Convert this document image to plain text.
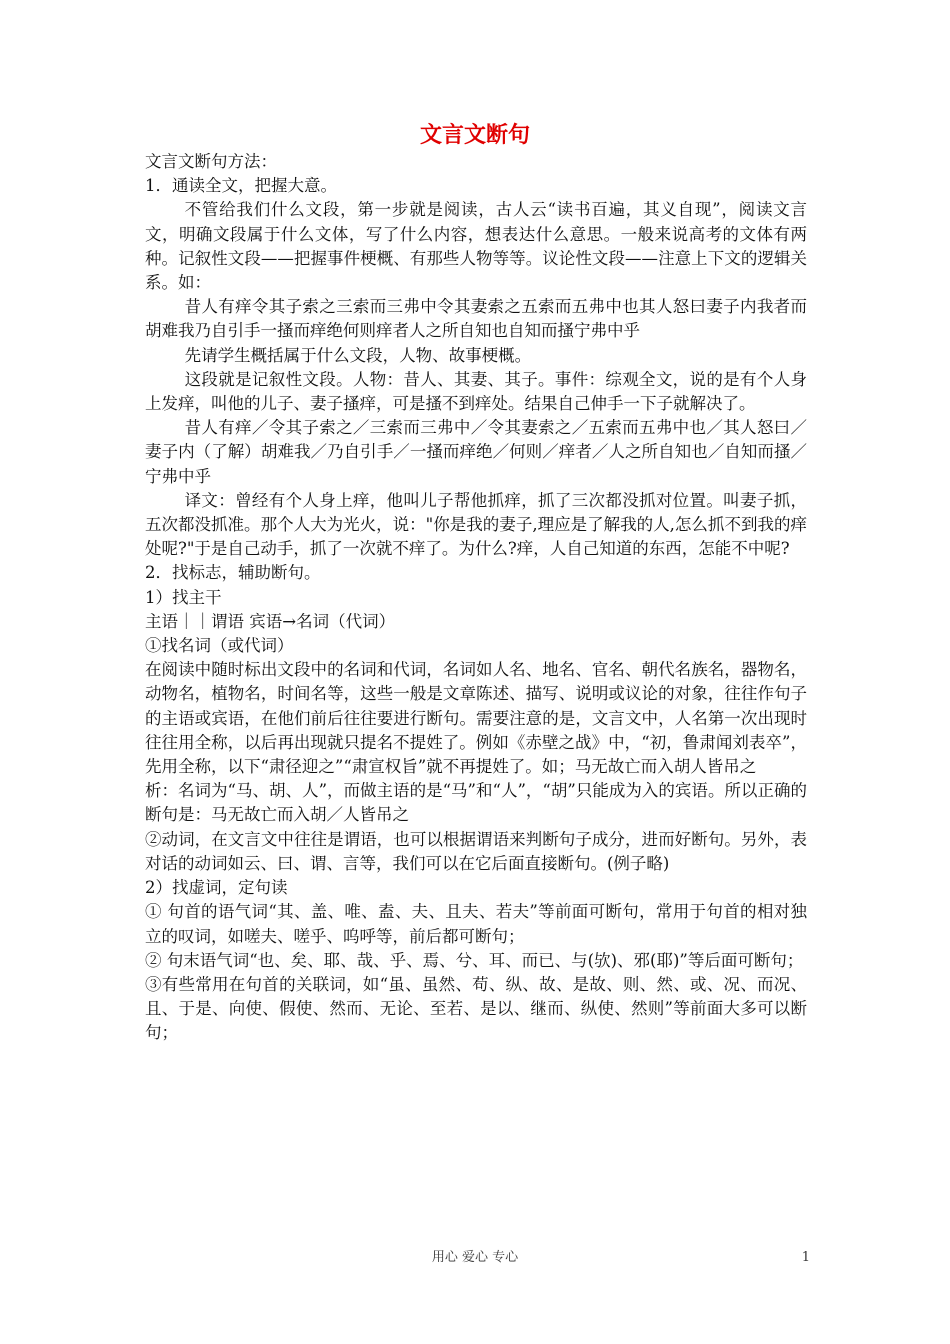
文言文断句

文言文断句方法：

1．通读全文，把握大意。

不管给我们什么文段，第一步就是阅读，古人云“读书百遍，其义自现”，阅读文言文，明确文段属于什么文体，写了什么内容，想表达什么意思。一般来说高考的文体有两种。记叙性文段——把握事件梗概、有那些人物等等。议论性文段——注意上下文的逻辑关系。如：

昔人有痒令其子索之三索而三弗中令其妻索之五索而五弗中也其人怒曰妻子内我者而胡难我乃自引手一搔而痒绝何则痒者人之所自知也自知而搔宁弗中乎

先请学生概括属于什么文段，人物、故事梗概。

这段就是记叙性文段。人物：昔人、其妻、其子。事件：综观全文，说的是有个人身上发痒，叫他的儿子、妻子搔痒，可是搔不到痒处。结果自己伸手一下子就解决了。

昔人有痒／令其子索之／三索而三弗中／令其妻索之／五索而五弗中也／其人怒曰／妻子内（了解）胡难我／乃自引手／一搔而痒绝／何则／痒者／人之所自知也／自知而搔／宁弗中乎

译文：曾经有个人身上痒，他叫儿子帮他抓痒，抓了三次都没抓对位置。叫妻子抓，五次都没抓准。那个人大为光火，说："你是我的妻子,理应是了解我的人,怎么抓不到我的痒处呢?"于是自己动手，抓了一次就不痒了。为什么?痒，人自己知道的东西，怎能不中呢?

2．找标志，辅助断句。

1）找主干

主语｜｜谓语 宾语→名词（代词）

①找名词（或代词）

在阅读中随时标出文段中的名词和代词，名词如人名、地名、官名、朝代名族名，器物名，动物名，植物名，时间名等，这些一般是文章陈述、描写、说明或议论的对象，往往作句子的主语或宾语，在他们前后往往要进行断句。需要注意的是，文言文中，人名第一次出现时往往用全称，以后再出现就只提名不提姓了。例如《赤壁之战》中，“初，鲁肃闻刘表卒”，先用全称，以下“肃径迎之”“肃宣权旨”就不再提姓了。如；马无故亡而入胡人皆吊之

析：名词为“马、胡、人”，而做主语的是“马”和“人”，“胡”只能成为入的宾语。所以正确的断句是：马无故亡而入胡／人皆吊之

②动词，在文言文中往往是谓语，也可以根据谓语来判断句子成分，进而好断句。另外，表对话的动词如云、曰、谓、言等，我们可以在它后面直接断句。(例子略)

2）找虚词，定句读

① 句首的语气词“其、盖、唯、盍、夫、且夫、若夫”等前面可断句，常用于句首的相对独立的叹词，如嗟夫、嗟乎、呜呼等，前后都可断句；

② 句末语气词“也、矣、耶、哉、乎、焉、兮、耳、而已、与(欤)、邪(耶)”等后面可断句；

③有些常用在句首的关联词，如“虽、虽然、苟、纵、故、是故、则、然、或、况、而况、且、于是、向使、假使、然而、无论、至若、是以、继而、纵使、然则”等前面大多可以断句；

用心 爱心 专心	1
